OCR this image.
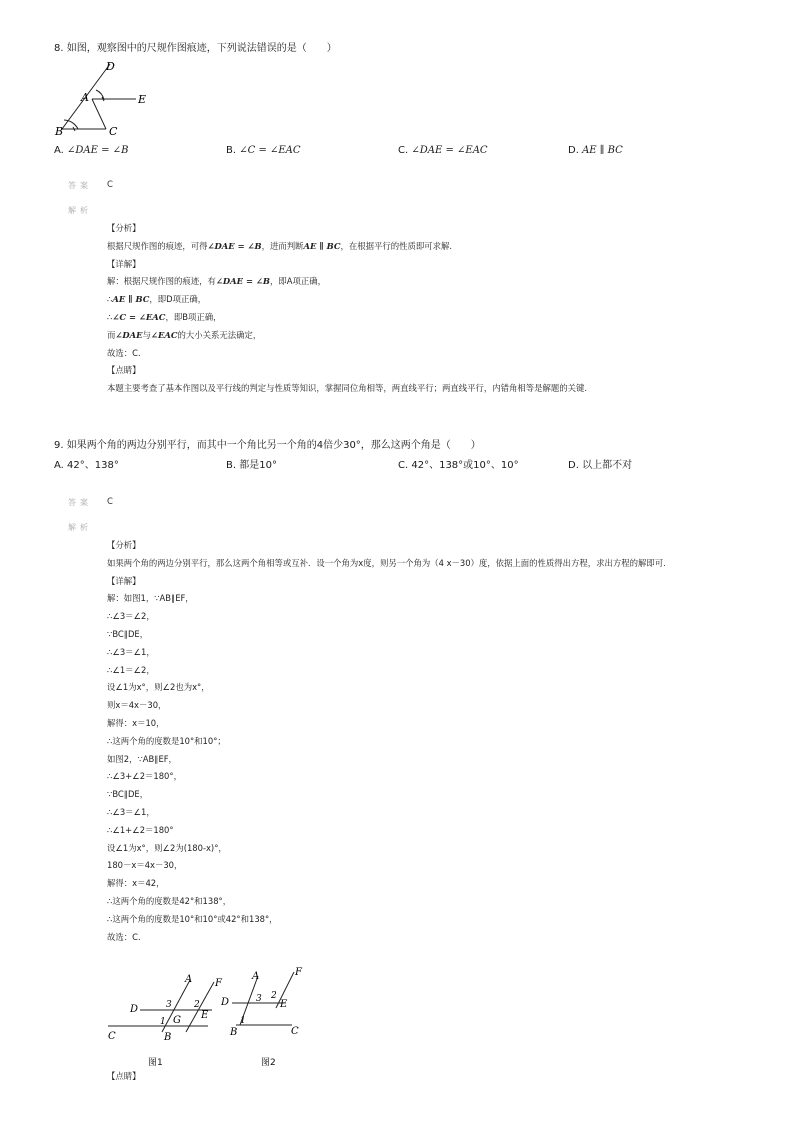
8. 如图，观察图中的尺规作图痕迹，下列说法错误的是（　　）
D
A	E
B	C
A. ∠DAE = ∠B	B. ∠C = ∠EAC	C. ∠DAE = ∠EAC	D. AE ∥ BC
答案 C
解析
【分析】
根据尺规作图的痕迹，可得∠DAE = ∠B，进而判断AE ∥ BC，在根据平行的性质即可求解.
【详解】
解：根据尺规作图的痕迹，有∠DAE = ∠B，即A项正确，
∴AE ∥ BC，即D项正确，
∴∠C = ∠EAC，即B项正确，
而∠DAE与∠EAC的大小关系无法确定，
故选：C.
【点睛】
本题主要考查了基本作图以及平行线的判定与性质等知识，掌握同位角相等，两直线平行；两直线平行，内错角相等是解题的关键.
9. 如果两个角的两边分别平行，而其中一个角比另一个角的4倍少30°，那么这两个角是（　　）
A. 42°、138°	B. 都是10°	C. 42°、138°或10°、10°	D. 以上都不对
答案 C
解析
【分析】
如果两个角的两边分别平行，那么这两个角相等或互补．设一个角为x度，则另一个角为（4 x－30）度，依据上面的性质得出方程，求出方程的解即可．
【详解】
解：如图1，∵AB∥EF，
∴∠3＝∠2，
∵BC∥DE，
∴∠3＝∠1，
∴∠1＝∠2，
设∠1为x°，则∠2也为x°，
则x＝4x－30，
解得：x＝10，
∴这两个角的度数是10°和10°；
如图2，∵AB∥EF，
∴∠3+∠2＝180°，
∵BC∥DE，
∴∠3＝∠1，
∴∠1+∠2＝180°
设∠1为x°，则∠2为(180-x)°，
180－x＝4x－30，
解得：x＝42，
∴这两个角的度数是42°和138°，
∴这两个角的度数是10°和10°或42°和138°，
故选：C.
A F
D	3 2
E
1 G
C	B
图1
A	F
D	3 2
E
1
B	C
图2
【点睛】
